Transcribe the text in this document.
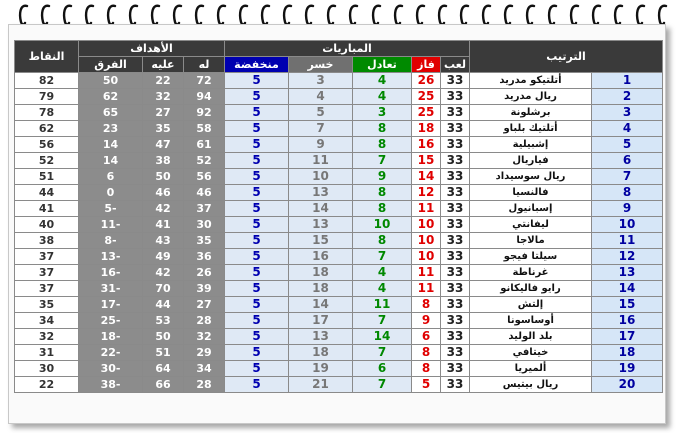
النقاط	الأهداف			المباريات					الترتيب	
	الفرق	عليه	له	منخفضة	خسر	تعادل	فاز	لعب		
82	50	22	72	5	3	4	26	33	أتلتيكو مدريد	1
79	62	32	94	5	4	4	25	33	ريال مدريد	2
78	65	27	92	5	5	3	25	33	برشلونة	3
62	23	35	58	5	7	8	18	33	أتلتيك بلباو	4
56	14	47	61	5	9	8	16	33	إشبيلية	5
52	14	38	52	5	11	7	15	33	فياريال	6
51	6	50	56	5	10	9	14	33	ريال سوسيداد	7
44	0	46	46	5	13	8	12	33	فالنسيا	8
41	5-	42	37	5	14	8	11	33	إسبانيول	9
40	11-	41	30	5	13	10	10	33	ليفانتي	10
38	8-	43	35	5	15	8	10	33	مالاجا	11
37	13-	49	36	5	16	7	10	33	سيلتا فيجو	12
37	16-	42	26	5	18	4	11	33	غرناطة	13
37	31-	70	39	5	18	4	11	33	رايو فاليكانو	14
35	17-	44	27	5	14	11	8	33	إلتش	15
34	25-	53	28	5	17	7	9	33	أوساسونا	16
32	18-	50	32	5	13	14	6	33	بلد الوليد	17
31	22-	51	29	5	18	7	8	33	خيتافي	18
30	30-	64	34	5	19	6	8	33	ألميريا	19
22	38-	66	28	5	21	7	5	33	ريال بيتيس	20
